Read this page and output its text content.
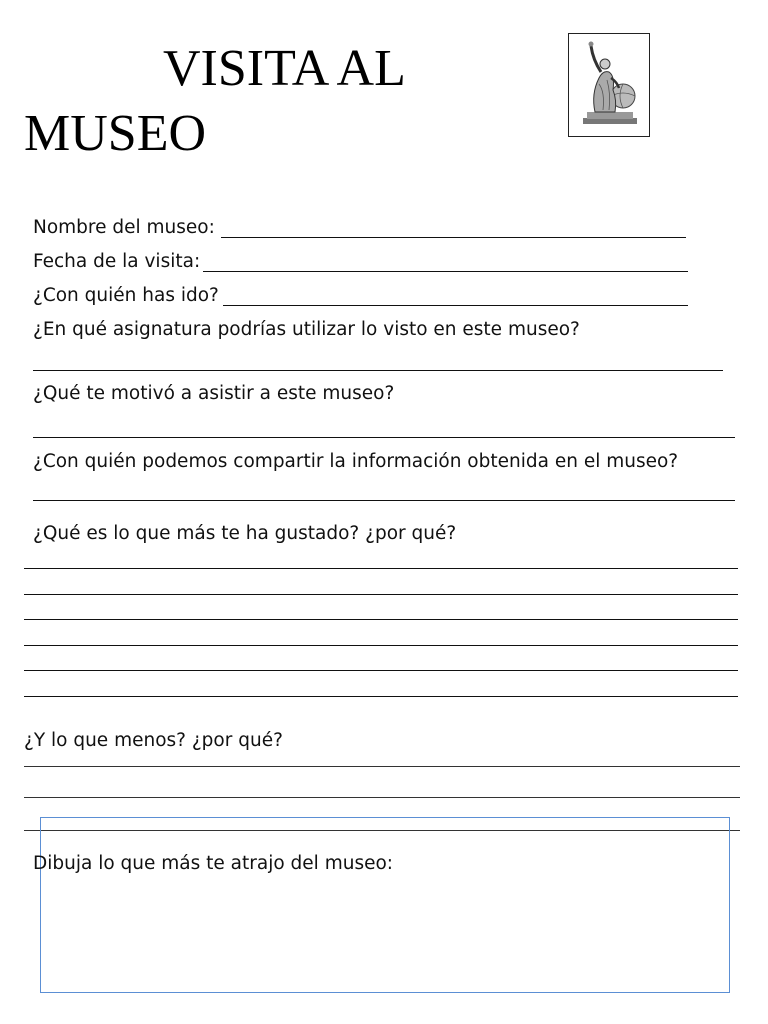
VISITA AL
MUSEO
Nombre del museo:
Fecha de la visita:
¿Con quién has ido?
¿En qué asignatura podrías utilizar lo visto en este museo?
¿Qué te motivó a asistir a este museo?
¿Con quién podemos compartir la información obtenida en el museo?
¿Qué es lo que más te ha gustado? ¿por qué?
¿Y lo que menos? ¿por qué?
Dibuja lo que más te atrajo del museo:
